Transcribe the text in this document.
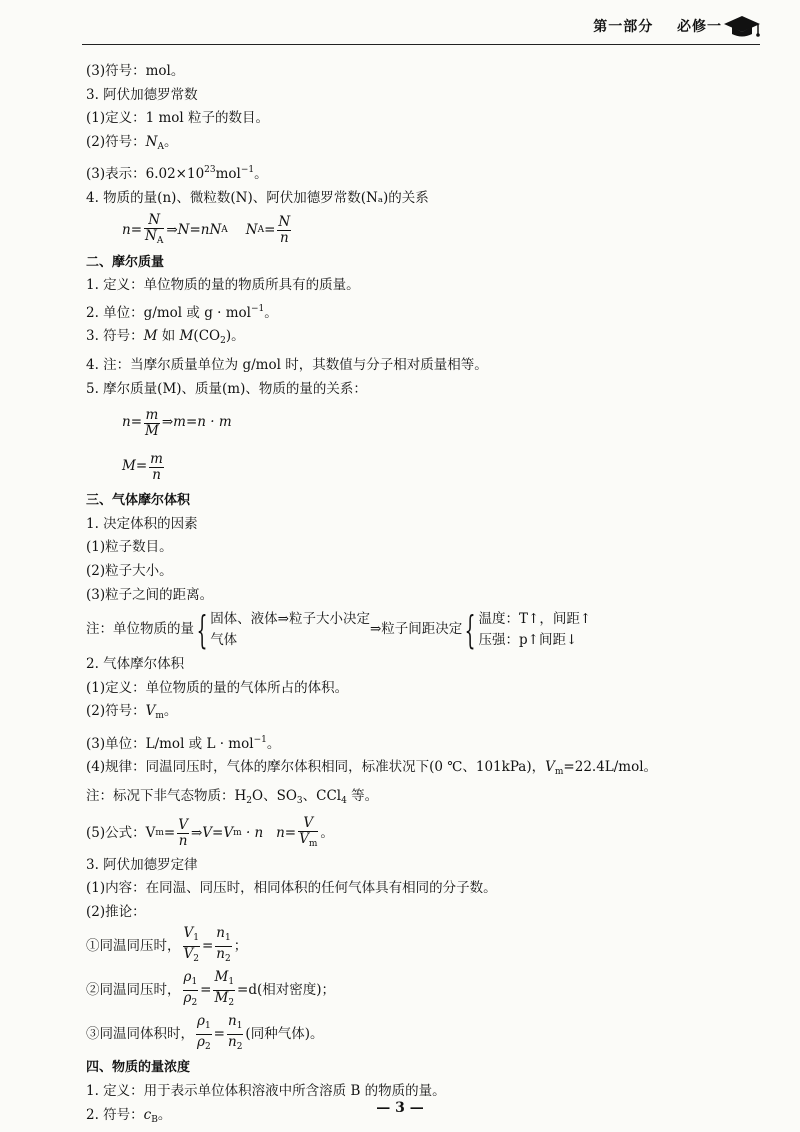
第一部分 必修一
(3)符号：mol。
3. 阿伏加德罗常数
(1)定义：1 mol 粒子的数目。
(2)符号：$N_A$。
(3)表示：$6.02\times 10^{23}mol^{-1}$。
4. 物质的量(n)、微粒数(N)、阿伏加德罗常数(Nₐ)的关系
$n= \frac{N}{N_A}$ ⇒N=nN A N $A = \frac{N}{n}$
二、摩尔质量
1. 定义：单位物质的量的物质所具有的质量。
2. 单位：g/mol 或 g · mol$^{-1}$。
3. 符号：M 如 $M(CO_2)$。
4. 注：当摩尔质量单位为 g/mol 时，其数值与分子相对质量相等。
5. 摩尔质量(M)、质量(m)、物质的量的关系：
$n= \frac{m}{M}$ ⇒m=n · m
$M= \frac{m}{n}$
三、气体摩尔体积
1. 决定体积的因素
(1)粒子数目。
(2)粒子大小。
(3)粒子之间的距离。
注：单位物质的量 { 固体、液体⇒粒子大小决定
气体
⇒粒子间距决定 { 温度：T↑，间距↑
压强：p↑间距↓
2. 气体摩尔体积
(1)定义：单位物质的量的气体所占的体积。
(2)符号：$V_m$。
(3)单位：L/mol 或 L · mol$^{-1}$。
(4)规律：同温同压时，气体的摩尔体积相同，标准状况下(0 ℃、101kPa)，$V_m=22.4L$/mol。
注：标况下非气态物质：$H_2O$、$SO_3$、CCl$_4$ 等。
(5)公式：V $m = \frac{V}{n}$ ⇒V=V m · n   $n= \frac{V}{V_m}$ 。
3. 阿伏加德罗定律
(1)内容：在同温、同压时，相同体积的任何气体具有相同的分子数。
(2)推论：
①同温同压时， $\frac{V_1}{V_2} = \frac{n_1}{n_2}$ ；
②同温同压时， $\frac{\rho_1}{\rho_2} = \frac{M_1}{M_2} =d$(相对密度)；
③同温同体积时， $\frac{\rho_1}{\rho_2} = \frac{n_1}{n_2}$ (同种气体)。
四、物质的量浓度
1. 定义：用于表示单位体积溶液中所含溶质 B 的物质的量。
2. 符号：$c_B$。	— 3 —
